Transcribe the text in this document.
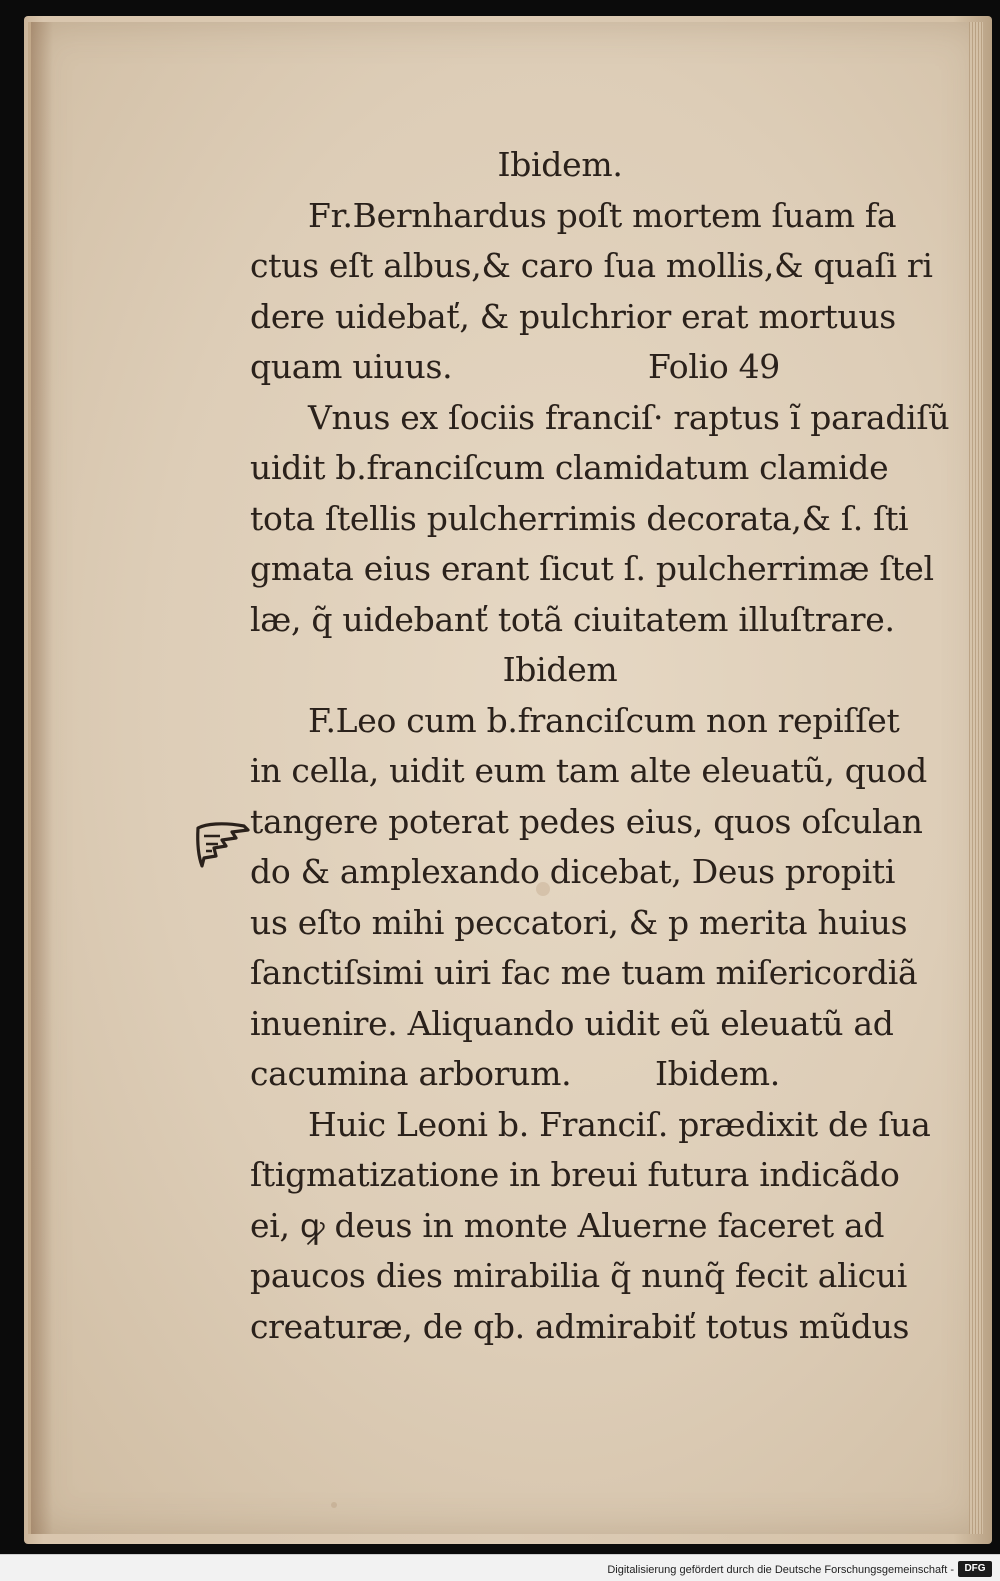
Ibidem.
Fr.Bernhardus poſt mortem ſuam fa
ctus eſt albus,& caro ſua mollis,& quaſi ri
dere uidebať, & pulchrior erat mortuus
quam uiuus.	Folio 49
Vnus ex ſociis franciſ· raptus ĩ paradiſũ
uidit b.franciſcum clamidatum clamide
tota ſtellis pulcherrimis decorata,& ſ. ſti
gmata eius erant ſicut ſ. pulcherrimæ ſtel
læ, q̃ uidebanť totã ciuitatem illuſtrare.
Ibidem
F.Leo cum b.franciſcum non repiſſet
in cella, uidit eum tam alte eleuatũ, quod
tangere poterat pedes eius, quos oſculan
do & amplexando dicebat, Deus propiti
us eſto mihi peccatori, & p merita huius
ſanctiſsimi uiri fac me tuam miſericordiã
inuenire. Aliquando uidit eũ eleuatũ ad
cacumina arborum.	Ibidem.
Huic Leoni b. Franciſ. prædixit de ſua
ſtigmatizatione in breui futura indicãdo
ei, ꝙ deus in monte Aluerne faceret ad
paucos dies mirabilia q̃ nunq̃ fecit alicui
creaturæ, de qb. admirabiť totus mũdus
Digitalisierung gefördert durch die Deutsche Forschungsgemeinschaft -	DFG
